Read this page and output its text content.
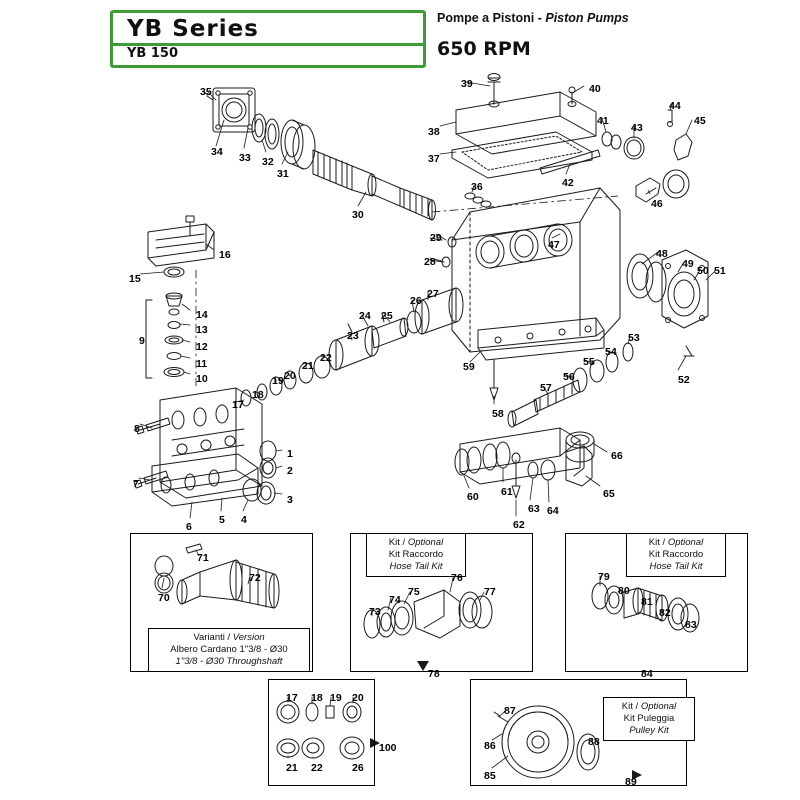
YB Series
YB 150
Pompe a Pistoni - Piston Pumps
650 RPM
Varianti / Version
Albero Cardano 1"3/8 - Ø30
1"3/8 - Ø30 Throughshaft
Kit / Optional
Kit Raccordo
Hose Tail Kit
Kit / Optional
Kit Raccordo
Hose Tail Kit
Kit / Optional
Kit Puleggia
Pulley Kit
35
34 33 32
31
30
39	40
38
37
36
41
43
42
44
45
46
47
48
49
50 51
52
53
54
55
56
57
59
58
29
28
16
15
14
13
12
11
10
9
8
7
6
5 4
1
2
3
17
18
19 20
21
22
23
24 25
26
27
60 61
62
63 64
65
66
71
72
70
73
74
75
76
77
78
79
80
81
82
83
84
17 18 19 20
21 22	26
100
87
86
85
88
89
